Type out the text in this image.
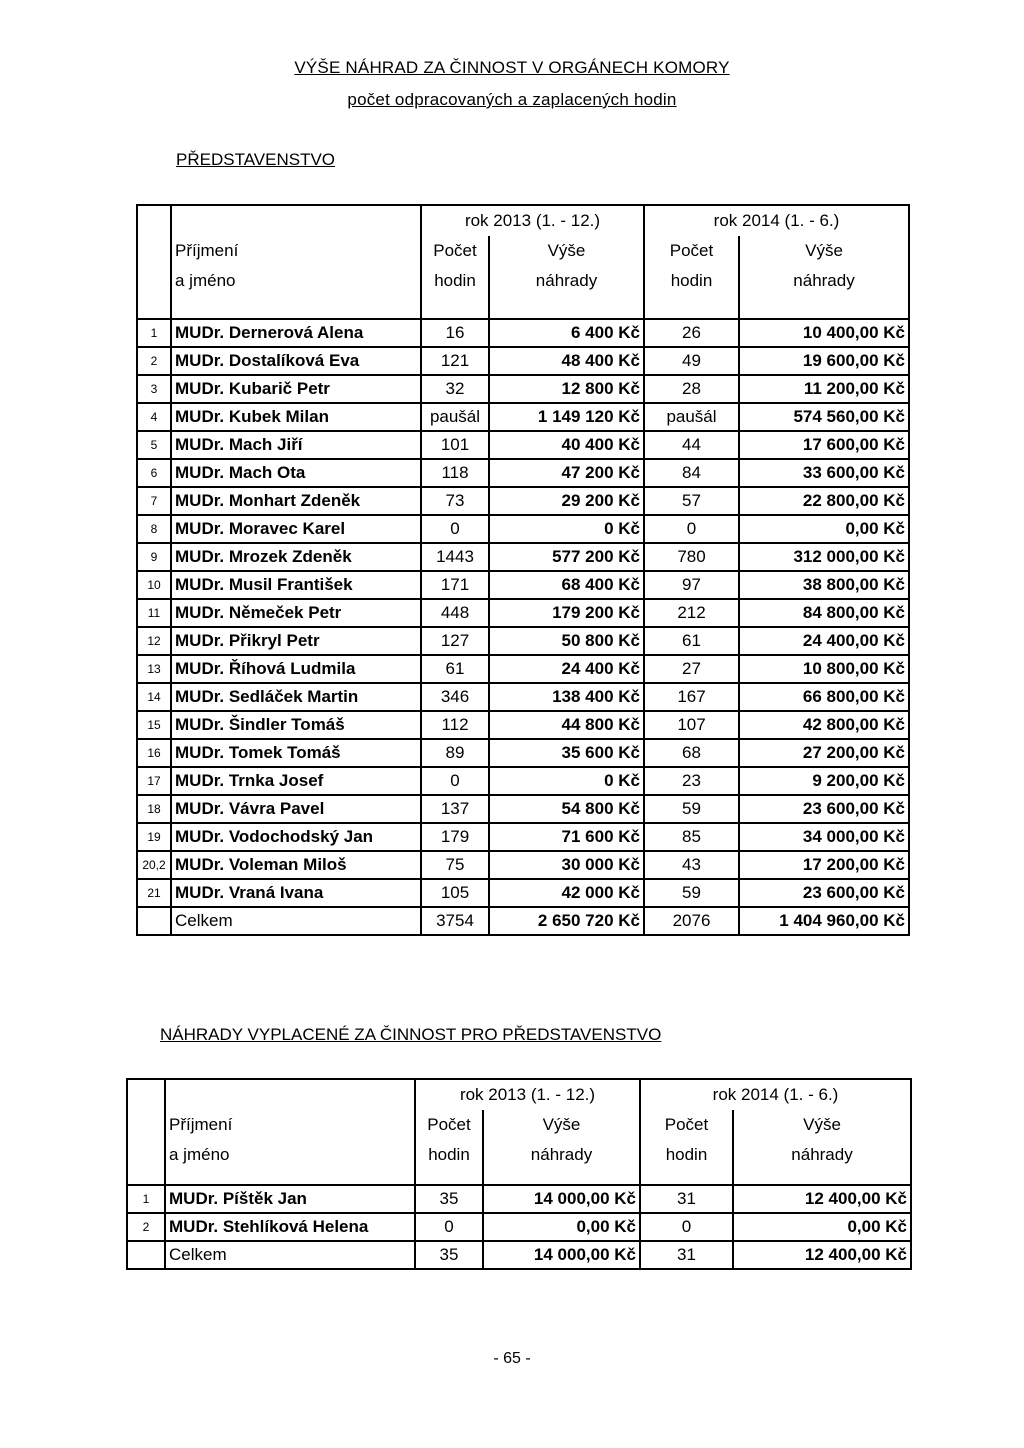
VÝŠE NÁHRAD ZA ČINNOST V ORGÁNECH KOMORY
počet odpracovaných a zaplacených hodin
PŘEDSTAVENSTVO
		rok 2013 (1. - 12.)		rok 2014 (1. - 6.)	
	Příjmení	Počet	Výše	Počet	Výše
	a jméno	hodin	náhrady	hodin	náhrady
1	MUDr. Dernerová Alena	16	6 400 Kč	26	10 400,00 Kč
2	MUDr. Dostalíková Eva	121	48 400 Kč	49	19 600,00 Kč
3	MUDr. Kubarič Petr	32	12 800 Kč	28	11 200,00 Kč
4	MUDr. Kubek Milan	paušál	1 149 120 Kč	paušál	574 560,00 Kč
5	MUDr. Mach Jiří	101	40 400 Kč	44	17 600,00 Kč
6	MUDr. Mach Ota	118	47 200 Kč	84	33 600,00 Kč
7	MUDr. Monhart Zdeněk	73	29 200 Kč	57	22 800,00 Kč
8	MUDr. Moravec Karel	0	0 Kč	0	0,00 Kč
9	MUDr. Mrozek Zdeněk	1443	577 200 Kč	780	312 000,00 Kč
10	MUDr. Musil František	171	68 400 Kč	97	38 800,00 Kč
11	MUDr. Němeček Petr	448	179 200 Kč	212	84 800,00 Kč
12	MUDr. Přikryl Petr	127	50 800 Kč	61	24 400,00 Kč
13	MUDr. Říhová Ludmila	61	24 400 Kč	27	10 800,00 Kč
14	MUDr. Sedláček Martin	346	138 400 Kč	167	66 800,00 Kč
15	MUDr. Šindler Tomáš	112	44 800 Kč	107	42 800,00 Kč
16	MUDr. Tomek Tomáš	89	35 600 Kč	68	27 200,00 Kč
17	MUDr. Trnka Josef	0	0 Kč	23	9 200,00 Kč
18	MUDr. Vávra Pavel	137	54 800 Kč	59	23 600,00 Kč
19	MUDr. Vodochodský Jan	179	71 600 Kč	85	34 000,00 Kč
20,2	MUDr. Voleman Miloš	75	30 000 Kč	43	17 200,00 Kč
21	MUDr. Vraná Ivana	105	42 000 Kč	59	23 600,00 Kč
	Celkem	3754	2 650 720 Kč	2076	1 404 960,00 Kč
NÁHRADY VYPLACENÉ ZA ČINNOST PRO PŘEDSTAVENSTVO
		rok 2013 (1. - 12.)		rok 2014 (1. - 6.)	
	Příjmení	Počet	Výše	Počet	Výše
	a jméno	hodin	náhrady	hodin	náhrady
1	MUDr. Píštěk Jan	35	14 000,00 Kč	31	12 400,00 Kč
2	MUDr. Stehlíková Helena	0	0,00 Kč	0	0,00 Kč
	Celkem	35	14 000,00 Kč	31	12 400,00 Kč
- 65 -
